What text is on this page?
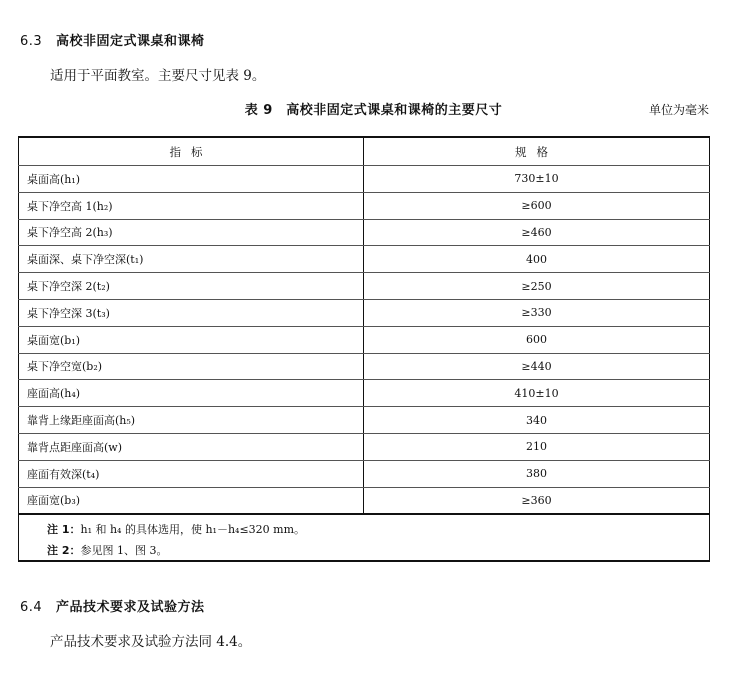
6.3 高校非固定式课桌和课椅
适用于平面教室。主要尺寸见表 9。
表 9　高校非固定式课桌和课椅的主要尺寸	单位为毫米
指标	规格
桌面高(h₁)	730±10
桌下净空高 1(h₂)	≥600
桌下净空高 2(h₃)	≥460
桌面深、桌下净空深(t₁)	400
桌下净空深 2(t₂)	≥250
桌下净空深 3(t₃)	≥330
桌面宽(b₁)	600
桌下净空宽(b₂)	≥440
座面高(h₄)	410±10
靠背上缘距座面高(h₅)	340
靠背点距座面高(w)	210
座面有效深(t₄)	380
座面宽(b₃)	≥360
注 1：h₁ 和 h₄ 的具体选用，使 h₁－h₄≤320 mm。
注 2：参见图 1、图 3。
6.4 产品技术要求及试验方法
产品技术要求及试验方法同 4.4。
